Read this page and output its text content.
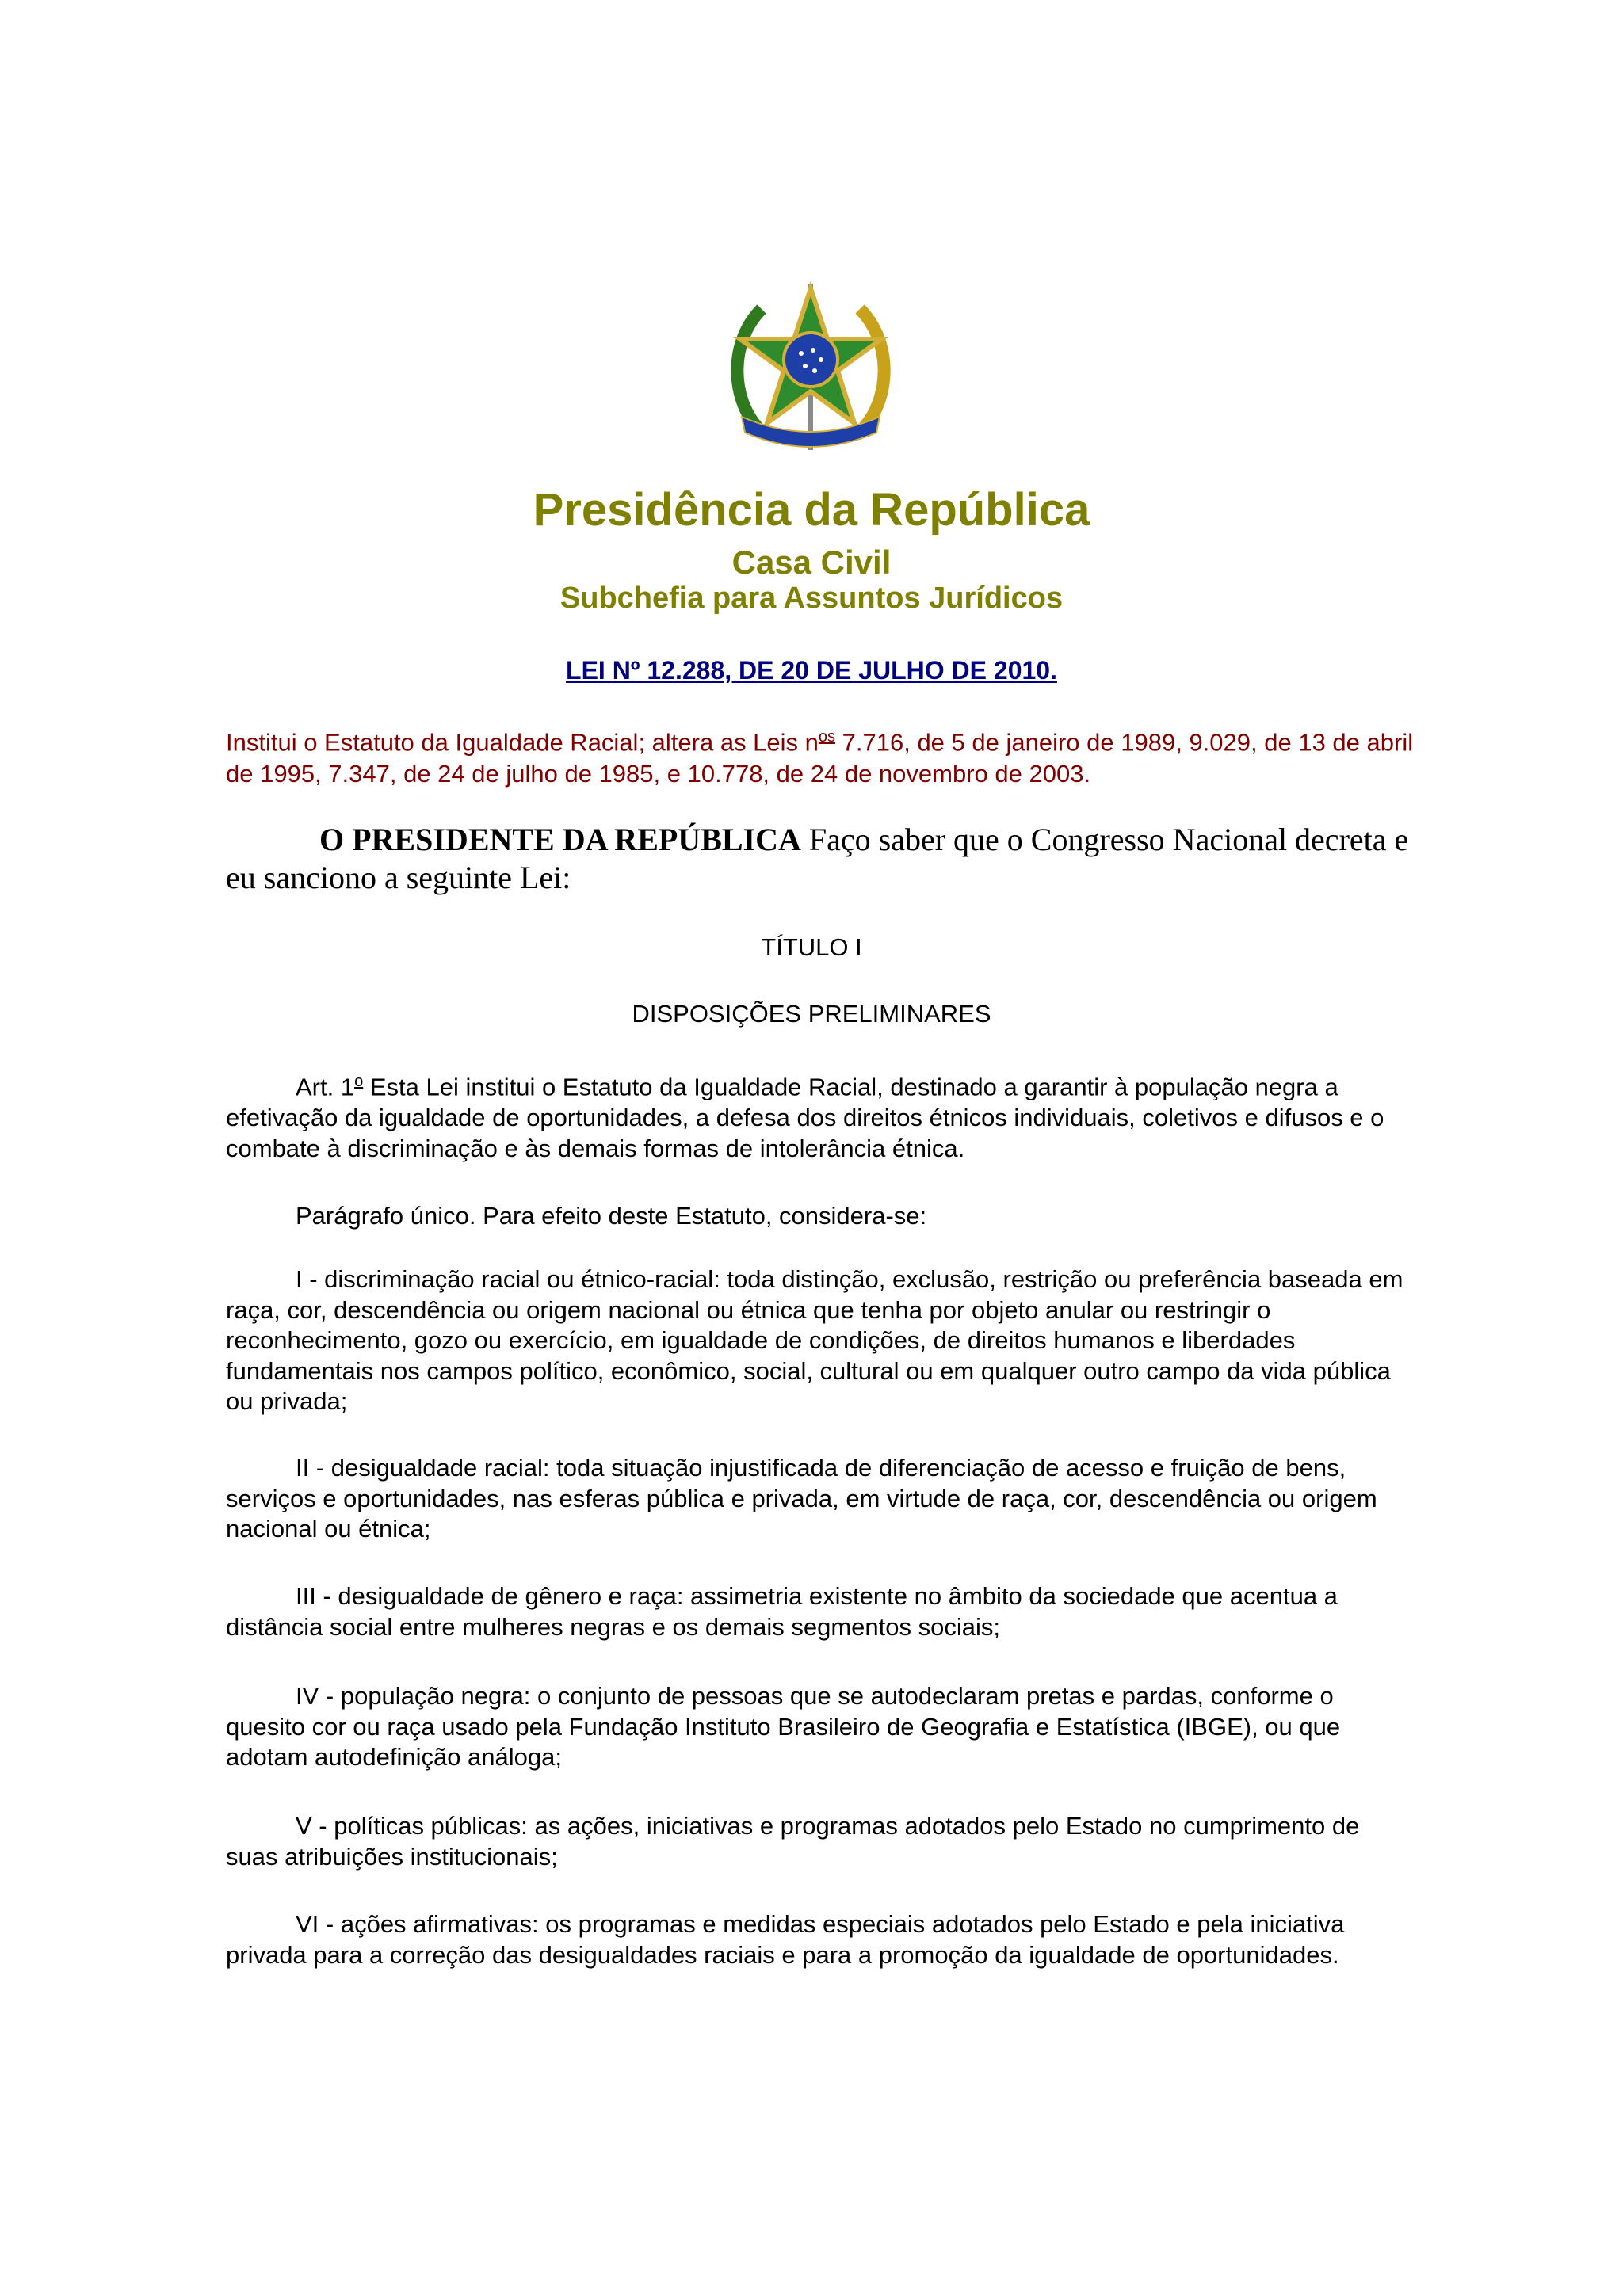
Presidência da República
Casa Civil
Subchefia para Assuntos Jurídicos
LEI Nº 12.288, DE 20 DE JULHO DE 2010.
Institui o Estatuto da Igualdade Racial; altera as Leis $n^{os}$ 7.716, de 5 de janeiro de 1989, 9.029, de 13 de abril de 1995, 7.347, de 24 de julho de 1985, e 10.778, de 24 de novembro de 2003.
O PRESIDENTE DA REPÚBLICA Faço saber que o Congresso Nacional decreta e eu sanciono a seguinte Lei:
TÍTULO I
DISPOSIÇÕES PRELIMINARES
Art. 1$^o$ Esta Lei institui o Estatuto da Igualdade Racial, destinado a garantir à população negra a efetivação da igualdade de oportunidades, a defesa dos direitos étnicos individuais, coletivos e difusos e o combate à discriminação e às demais formas de intolerância étnica.
Parágrafo único. Para efeito deste Estatuto, considera-se:
I - discriminação racial ou étnico-racial: toda distinção, exclusão, restrição ou preferência baseada em raça, cor, descendência ou origem nacional ou étnica que tenha por objeto anular ou restringir o reconhecimento, gozo ou exercício, em igualdade de condições, de direitos humanos e liberdades fundamentais nos campos político, econômico, social, cultural ou em qualquer outro campo da vida pública ou privada;
II - desigualdade racial: toda situação injustificada de diferenciação de acesso e fruição de bens, serviços e oportunidades, nas esferas pública e privada, em virtude de raça, cor, descendência ou origem nacional ou étnica;
III - desigualdade de gênero e raça: assimetria existente no âmbito da sociedade que acentua a distância social entre mulheres negras e os demais segmentos sociais;
IV - população negra: o conjunto de pessoas que se autodeclaram pretas e pardas, conforme o quesito cor ou raça usado pela Fundação Instituto Brasileiro de Geografia e Estatística (IBGE), ou que adotam autodefinição análoga;
V - políticas públicas: as ações, iniciativas e programas adotados pelo Estado no cumprimento de suas atribuições institucionais;
VI - ações afirmativas: os programas e medidas especiais adotados pelo Estado e pela iniciativa privada para a correção das desigualdades raciais e para a promoção da igualdade de oportunidades.
